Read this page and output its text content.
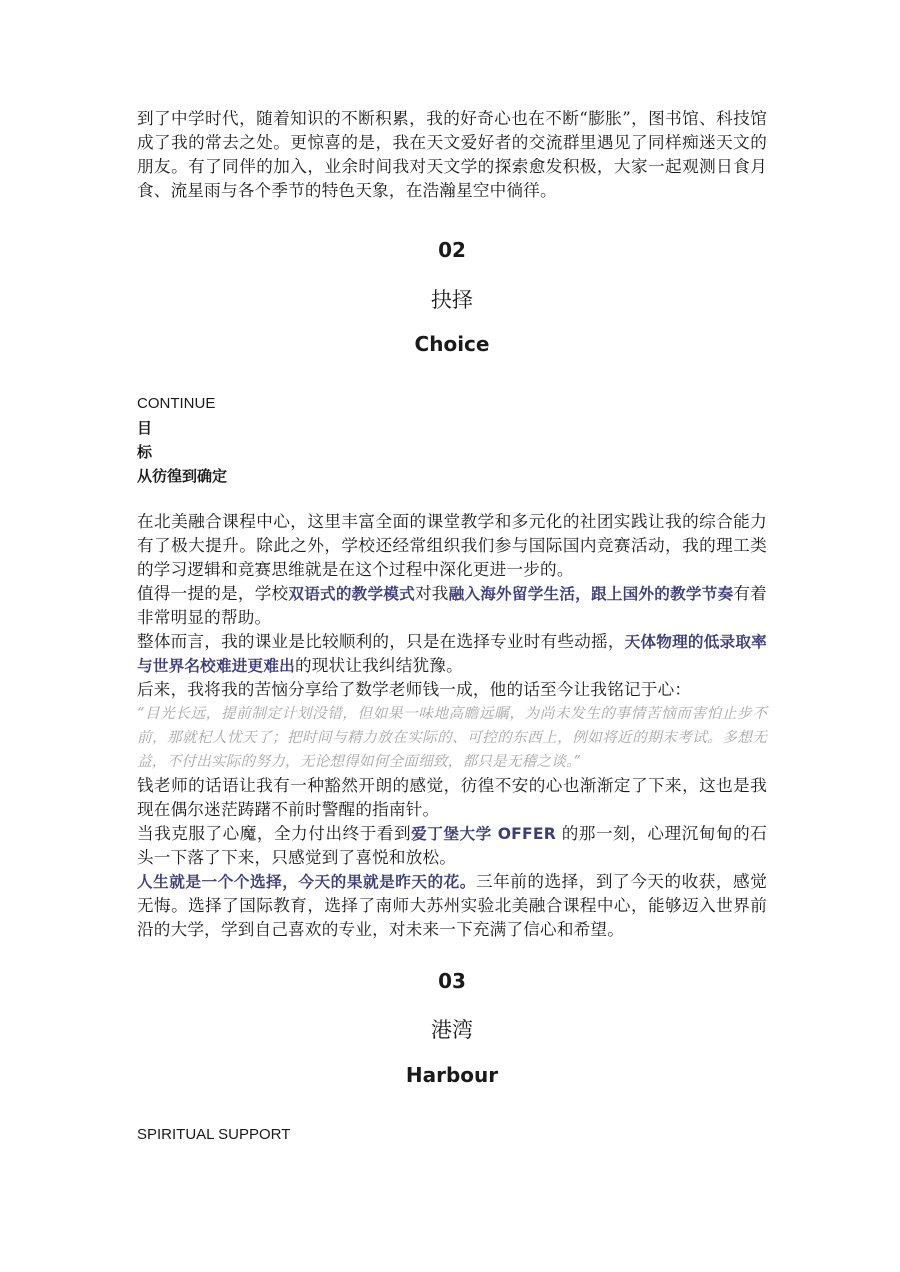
到了中学时代，随着知识的不断积累，我的好奇心也在不断“膨胀”，图书馆、科技馆成了我的常去之处。更惊喜的是，我在天文爱好者的交流群里遇见了同样痴迷天文的朋友。有了同伴的加入，业余时间我对天文学的探索愈发积极，大家一起观测日食月食、流星雨与各个季节的特色天象，在浩瀚星空中徜徉。

02
抉择
Choice
CONTINUE
目
标
从彷徨到确定

在北美融合课程中心，这里丰富全面的课堂教学和多元化的社团实践让我的综合能力有了极大提升。除此之外，学校还经常组织我们参与国际国内竞赛活动，我的理工类的学习逻辑和竞赛思维就是在这个过程中深化更进一步的。

值得一提的是，学校双语式的教学模式对我融入海外留学生活，跟上国外的教学节奏有着非常明显的帮助。

整体而言，我的课业是比较顺利的，只是在选择专业时有些动摇，天体物理的低录取率与世界名校难进更难出的现状让我纠结犹豫。

后来，我将我的苦恼分享给了数学老师钱一成，他的话至今让我铭记于心：

“目光长远，提前制定计划没错，但如果一味地高瞻远瞩，为尚未发生的事情苦恼而害怕止步不前，那就杞人忧天了；把时间与精力放在实际的、可控的东西上，例如将近的期末考试。多想无益，不付出实际的努力，无论想得如何全面细致，都只是无稽之谈。”

钱老师的话语让我有一种豁然开朗的感觉，彷徨不安的心也渐渐定了下来，这也是我现在偶尔迷茫踌躇不前时警醒的指南针。

当我克服了心魔，全力付出终于看到爱丁堡大学 OFFER 的那一刻，心理沉甸甸的石头一下落了下来，只感觉到了喜悦和放松。

人生就是一个个选择，今天的果就是昨天的花。三年前的选择，到了今天的收获，感觉无悔。选择了国际教育，选择了南师大苏州实验北美融合课程中心，能够迈入世界前沿的大学，学到自己喜欢的专业，对未来一下充满了信心和希望。

03
港湾
Harbour
SPIRITUAL SUPPORT
